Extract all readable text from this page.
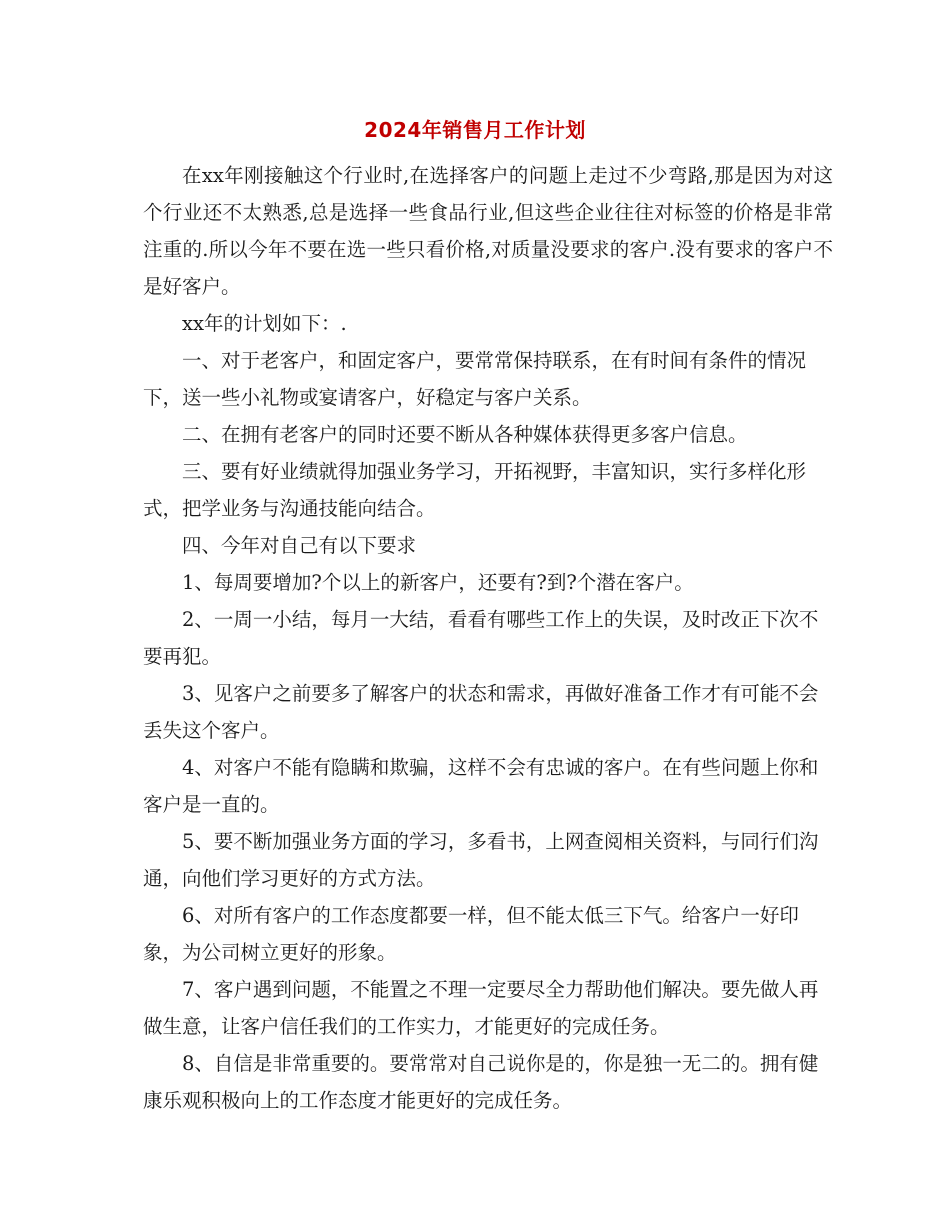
2024年销售月工作计划

在xx年刚接触这个行业时,在选择客户的问题上走过不少弯路,那是因为对这个行业还不太熟悉,总是选择一些食品行业,但这些企业往往对标签的价格是非常注重的.所以今年不要在选一些只看价格,对质量没要求的客户.没有要求的客户不是好客户。

xx年的计划如下：.

一、对于老客户，和固定客户，要常常保持联系，在有时间有条件的情况下，送一些小礼物或宴请客户，好稳定与客户关系。

二、在拥有老客户的同时还要不断从各种媒体获得更多客户信息。

三、要有好业绩就得加强业务学习，开拓视野，丰富知识，实行多样化形式，把学业务与沟通技能向结合。

四、今年对自己有以下要求

1、每周要增加?个以上的新客户，还要有?到?个潜在客户。

2、一周一小结，每月一大结，看看有哪些工作上的失误，及时改正下次不要再犯。

3、见客户之前要多了解客户的状态和需求，再做好准备工作才有可能不会丢失这个客户。

4、对客户不能有隐瞒和欺骗，这样不会有忠诚的客户。在有些问题上你和客户是一直的。

5、要不断加强业务方面的学习，多看书，上网查阅相关资料，与同行们沟通，向他们学习更好的方式方法。

6、对所有客户的工作态度都要一样，但不能太低三下气。给客户一好印象，为公司树立更好的形象。

7、客户遇到问题，不能置之不理一定要尽全力帮助他们解决。要先做人再做生意，让客户信任我们的工作实力，才能更好的完成任务。

8、自信是非常重要的。要常常对自己说你是的，你是独一无二的。拥有健康乐观积极向上的工作态度才能更好的完成任务。
